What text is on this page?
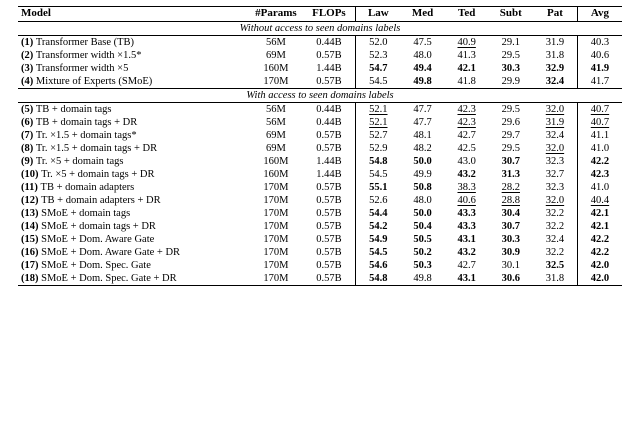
Model	#Params	FLOPs	Law	Med	Ted	Subt	Pat	Avg
Without access to seen domains labels								
(1) Transformer Base (TB)	56M	0.44B	52.0	47.5	40.9	29.1	31.9	40.3
(2) Transformer width ×1.5*	69M	0.57B	52.3	48.0	41.3	29.5	31.8	40.6
(3) Transformer width ×5	160M	1.44B	54.7	49.4	42.1	30.3	32.9	41.9
(4) Mixture of Experts (SMoE)	170M	0.57B	54.5	49.8	41.8	29.9	32.4	41.7
With access to seen domains labels								
(5) TB + domain tags	56M	0.44B	52.1	47.7	42.3	29.5	32.0	40.7
(6) TB + domain tags + DR	56M	0.44B	52.1	47.7	42.3	29.6	31.9	40.7
(7) Tr. ×1.5 + domain tags*	69M	0.57B	52.7	48.1	42.7	29.7	32.4	41.1
(8) Tr. ×1.5 + domain tags + DR	69M	0.57B	52.9	48.2	42.5	29.5	32.0	41.0
(9) Tr. ×5 + domain tags	160M	1.44B	54.8	50.0	43.0	30.7	32.3	42.2
(10) Tr. ×5 + domain tags + DR	160M	1.44B	54.5	49.9	43.2	31.3	32.7	42.3
(11) TB + domain adapters	170M	0.57B	55.1	50.8	38.3	28.2	32.3	41.0
(12) TB + domain adapters + DR	170M	0.57B	52.6	48.0	40.6	28.8	32.0	40.4
(13) SMoE + domain tags	170M	0.57B	54.4	50.0	43.3	30.4	32.2	42.1
(14) SMoE + domain tags + DR	170M	0.57B	54.2	50.4	43.3	30.7	32.2	42.1
(15) SMoE + Dom. Aware Gate	170M	0.57B	54.9	50.5	43.1	30.3	32.4	42.2
(16) SMoE + Dom. Aware Gate + DR	170M	0.57B	54.5	50.2	43.2	30.9	32.2	42.2
(17) SMoE + Dom. Spec. Gate	170M	0.57B	54.6	50.3	42.7	30.1	32.5	42.0
(18) SMoE + Dom. Spec. Gate + DR	170M	0.57B	54.8	49.8	43.1	30.6	31.8	42.0
